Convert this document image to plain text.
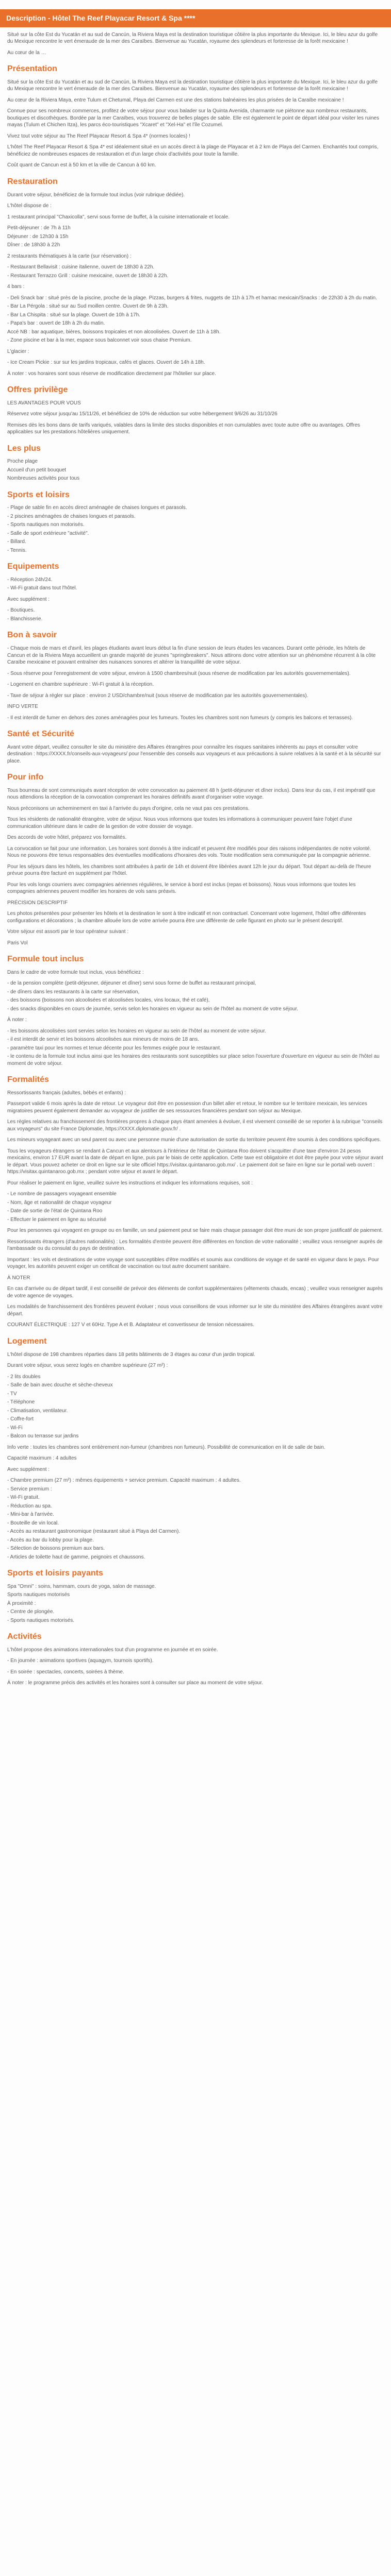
Description - Hôtel The Reef Playacar Resort & Spa ****

Situé sur la côte Est du Yucatán et au sud de Cancún, la Riviera Maya est la destination touristique côtière la plus importante du Mexique. Ici, le bleu azur du golfe du Mexique rencontre le vert émeraude de la mer des Caraïbes. Bienvenue au Yucatán, royaume des splendeurs et forteresse de la forêt mexicaine !

Au cœur de la …

Présentation

Situé sur la côte Est du Yucatán et au sud de Cancún, la Riviera Maya est la destination touristique côtière la plus importante du Mexique. Ici, le bleu azur du golfe du Mexique rencontre le vert émeraude de la mer des Caraïbes. Bienvenue au Yucatán, royaume des splendeurs et forteresse de la forêt mexicaine !

Au cœur de la Riviera Maya, entre Tulum et Chetumal, Playa del Carmen est une des stations balnéaires les plus prisées de la Caraïbe mexicaine !

Connue pour ses nombreux commerces, profitez de votre séjour pour vous balader sur la Quinta Avenida, charmante rue piétonne aux nombreux restaurants, boutiques et discothèques. Bordée par la mer Caraïbes, vous trouverez de belles plages de sable. Elle est également le point de départ idéal pour visiter les ruines mayas (Tulum et Chichen Itza), les parcs éco-touristiques "Xcaret" et "Xel-Ha" et l'île Cozumel.

Vivez tout votre séjour au The Reef Playacar Resort & Spa 4* (normes locales) !

L'hôtel The Reef Playacar Resort & Spa 4* est idéalement situé en un accès direct à la plage de Playacar et à 2 km de Playa del Carmen. Enchantés tout compris, bénéficiez de nombreuses espaces de restauration et d'un large choix d'activités pour toute la famille.

Coût quant de Cancun est à 50 km et la ville de Cancun à 60 km.

Restauration

Durant votre séjour, bénéficiez de la formule tout inclus (voir rubrique dédiée).

L'hôtel dispose de :

1 restaurant principal "Chaxicolla", servi sous forme de buffet, à la cuisine internationale et locale.

Petit-déjeuner : de 7h à 11h
Déjeuner : de 12h30 à 15h
Dîner : de 18h30 à 22h

2 restaurants thématiques à la carte (sur réservation) :

- Restaurant Bellavisit : cuisine italienne, ouvert de 18h30 à 22h.
- Restaurant Terrazzo Grill : cuisine mexicaine, ouvert de 18h30 à 22h.

4 bars :

- Deli Snack bar : situé près de la piscine, proche de la plage. Pizzas, burgers & frites, nuggets de 11h à 17h et hamac mexicain/Snacks : de 22h30 à 2h du matin.
- Bar La Pérgola : situé sur au Sud moillen centre. Ouvert de 9h à 23h.
- Bar La Chispita : situé sur la plage. Ouvert de 10h à 17h.
- Papa's bar : ouvert de 18h à 2h du matin.
Accé NB : bar aquatique, bières, boissons tropicales et non alcoolisées. Ouvert de 11h à 18h.
- Zone piscine et bar à la mer, espace sous balconnet voir sous chaise Premium.

L'glacier :

- Ice Cream Pickie : sur sur les jardins tropicaux, cafés et glaces. Ouvert de 14h à 18h.

À noter : vos horaires sont sous réserve de modification directement par l'hôtelier sur place.

Offres privilège

LES AVANTAGES POUR VOUS

Réservez votre séjour jusqu'au 15/11/26, et bénéficiez de 10% de réduction sur votre hébergement 9/6/26 au 31/10/26

Remises dès les bons dans de tarifs variqués, valables dans la limite des stocks disponibles et non cumulables avec toute autre offre ou avantages. Offres applicables sur les prestations hôtelières uniquement.

Les plus
Proche plage
Accueil d'un petit bouquet
Nombreuses activités pour tous
Sports et loisirs
- Plage de sable fin en accès direct aménagée de chaises longues et parasols.
- 2 piscines aménagées de chaises longues et parasols.
- Sports nautiques non motorisés.
- Salle de sport extérieure "activité".
- Billard.
- Tennis.
Equipements
- Réception 24h/24.
- Wi-Fi gratuit dans tout l'hôtel.

Avec supplément :

- Boutiques.
- Blanchisserie.
Bon à savoir

- Chaque mois de mars et d'avril, les plages étudiants avant leurs début la fin d'une session de leurs études les vacances. Durant cette période, les hôtels de Cancun et de la Riviera Maya accueillent un grande majorité de jeunes "springbreakers". Nous attirons donc votre attention sur un phénomène récurrent à la côte Caraïbe mexicaine et pouvant entraîner des nuisances sonores et altérer la tranquillité de votre séjour.

- Sous réserve pour l'enregistrement de votre séjour, environ à 1500 chambres/nuit (sous réserve de modification par les autorités gouvernementales).

- Logement en chambre supérieure : Wi-Fi gratuit à la réception.

- Taxe de séjour à régler sur place : environ 2 USD/chambre/nuit (sous réserve de modification par les autorités gouvernementales).

INFO VERTE

- Il est interdit de fumer en dehors des zones aménagées pour les fumeurs. Toutes les chambres sont non fumeurs (y compris les balcons et terrasses).

Santé et Sécurité

Avant votre départ, veuillez consulter le site du ministère des Affaires étrangères pour connaître les risques sanitaires inhérents au pays et consulter votre destination : https://XXXX.fr/conseils-aux-voyageurs/ pour l'ensemble des conseils aux voyageurs et aux précautions à suivre relatives à la santé et à la sécurité sur place.

Pour info

Tous bourreau de sont communiqués avant réception de votre convocation au paiement 48 h (petit-déjeuner et dîner inclus). Dans leur du cas, il est impératif que nous attendions la réception de la convocation comprenant les horaires définitifs avant d'organiser votre voyage.

Nous préconisons un acheminement en taxi à l'arrivée du pays d'origine, cela ne vaut pas ces prestations.

Tous les résidents de nationalité étrangère, votre de séjour. Nous vous informons que toutes les informations à communiquer peuvent faire l'objet d'une communication ultérieure dans le cadre de la gestion de votre dossier de voyage.

Des accords de votre hôtel, préparez vos formalités.

La convocation se fait pour une information. Les horaires sont donnés à titre indicatif et peuvent être modifiés pour des raisons indépendantes de notre volonté. Nous ne pouvons être tenus responsables des éventuelles modifications d'horaires des vols. Toute modification sera communiquée par la compagnie aérienne.

Pour les séjours dans les hôtels, les chambres sont attribuées à partir de 14h et doivent être libérées avant 12h le jour du départ. Tout départ au-delà de l'heure prévue pourra être facturé en supplément par l'hôtel.

Pour les vols longs courriers avec compagnies aériennes régulières, le service à bord est inclus (repas et boissons). Nous vous informons que toutes les compagnies aériennes peuvent modifier les horaires de vols sans préavis.

PRÉCISION DESCRIPTIF

Les photos présentées pour présenter les hôtels et la destination le sont à titre indicatif et non contractuel. Concernant votre logement, l'hôtel offre différentes configurations et décorations ; la chambre allouée lors de votre arrivée pourra être une différente de celle figurant en photo sur le présent descriptif.

Votre séjour est assorti par le tour opérateur suivant :

Paris Vol

Formule tout inclus

Dans le cadre de votre formule tout inclus, vous bénéficiez :

- de la pension complète (petit-déjeuner, déjeuner et dîner) servi sous forme de buffet au restaurant principal,
- de dîners dans les restaurants à la carte sur réservation,
- des boissons (boissons non alcoolisées et alcoolisées locales, vins locaux, thé et café),
- des snacks disponibles en cours de journée, servis selon les horaires en vigueur au sein de l'hôtel au moment de votre séjour.

À noter :

- les boissons alcoolisées sont servies selon les horaires en vigueur au sein de l'hôtel au moment de votre séjour.
- il est interdit de servir et les boissons alcoolisées aux mineurs de moins de 18 ans.
- paramètre taxi pour les normes et tenue décente pour les femmes exigée pour le restaurant.
- le contenu de la formule tout inclus ainsi que les horaires des restaurants sont susceptibles sur place selon l'ouverture d'ouverture en vigueur au sein de l'hôtel au moment de votre séjour.
Formalités

Ressortissants français (adultes, bébés et enfants) :

Passeport valide 6 mois après la date de retour. Le voyageur doit être en possession d'un billet aller et retour, le nombre sur le territoire mexicain, les services migratoires peuvent également demander au voyageur de justifier de ses ressources financières pendant son séjour au Mexique.

Les règles relatives au franchissement des frontières propres à chaque pays étant amenées à évoluer, il est vivement conseillé de se reporter à la rubrique "conseils aux voyageurs" du site France Diplomatie, https://XXXX.diplomatie.gouv.fr/ .

Les mineurs voyageant avec un seul parent ou avec une personne munie d'une autorisation de sortie du territoire peuvent être soumis à des conditions spécifiques.

Tous les voyageurs étrangers se rendant à Cancun et aux alentours à l'intérieur de l'état de Quintana Roo doivent s'acquitter d'une taxe d'environ 24 pesos mexicains, environ 17 EUR avant la date de départ en ligne, puis par le biais de cette application. Cette taxe est obligatoire et doit être payée pour votre séjour avant le départ. Vous pouvez acheter ce droit en ligne sur le site officiel https://visitax.quintanaroo.gob.mx/ . Le paiement doit se faire en ligne sur le portail web ouvert : https://visitax.quintanaroo.gob.mx ; pendant votre séjour et avant le départ.

Pour réaliser le paiement en ligne, veuillez suivre les instructions et indiquer les informations requises, soit :

- Le nombre de passagers voyageant ensemble
- Nom, âge et nationalité de chaque voyageur
- Date de sortie de l'état de Quintana Roo
- Effectuer le paiement en ligne au sécurisé

Pour les personnes qui voyagent en groupe ou en famille, un seul paiement peut se faire mais chaque passager doit être muni de son propre justificatif de paiement.

Ressortissants étrangers (d'autres nationalités) : Les formalités d'entrée peuvent être différentes en fonction de votre nationalité ; veuillez vous renseigner auprès de l'ambassade ou du consulat du pays de destination.

Important : les vols et destinations de votre voyage sont susceptibles d'être modifiés et soumis aux conditions de voyage et de santé en vigueur dans le pays. Pour voyager, les autorités peuvent exiger un certificat de vaccination ou tout autre document sanitaire.

À NOTER

En cas d'arrivée ou de départ tardif, il est conseillé de prévoir des éléments de confort supplémentaires (vêtements chauds, encas) ; veuillez vous renseigner auprès de votre agence de voyages.

Les modalités de franchissement des frontières peuvent évoluer ; nous vous conseillons de vous informer sur le site du ministère des Affaires étrangères avant votre départ.

COURANT ÉLECTRIQUE : 127 V et 60Hz. Type A et B. Adaptateur et convertisseur de tension nécessaires.

Logement

L'hôtel dispose de 198 chambres réparties dans 18 petits bâtiments de 3 étages au cœur d'un jardin tropical.

Durant votre séjour, vous serez logés en chambre supérieure (27 m²) :

- 2 lits doubles
- Salle de bain avec douche et sèche-cheveux
- TV
- Téléphone
- Climatisation, ventilateur.
- Coffre-fort
- Wi-Fi
- Balcon ou terrasse sur jardins

Info verte : toutes les chambres sont entièrement non-fumeur (chambres non fumeurs). Possibilité de communication en lit de salle de bain.

Capacité maximum : 4 adultes

Avec supplément :

- Chambre premium (27 m²) : mêmes équipements + service premium. Capacité maximum : 4 adultes.
- Service premium :
- Wi-Fi gratuit.
- Réduction au spa.
- Mini-bar à l'arrivée.
- Bouteille de vin local.
- Accès au restaurant gastronomique (restaurant situé à Playa del Carmen).
- Accès au bar du lobby pour la plage.
- Sélection de boissons premium aux bars.
- Articles de toilette haut de gamme, peignoirs et chaussons.
Sports et loisirs payants
Spa "Omni" : soins, hammam, cours de yoga, salon de massage.
Sports nautiques motorisés
À proximité :
- Centre de plongée.
- Sports nautiques motorisés.
Activités

L'hôtel propose des animations internationales tout d'un programme en journée et en soirée.

- En journée : animations sportives (aquagym, tournois sportifs).

- En soirée : spectacles, concerts, soirées à thème.

À noter : le programme précis des activités et les horaires sont à consulter sur place au moment de votre séjour.
